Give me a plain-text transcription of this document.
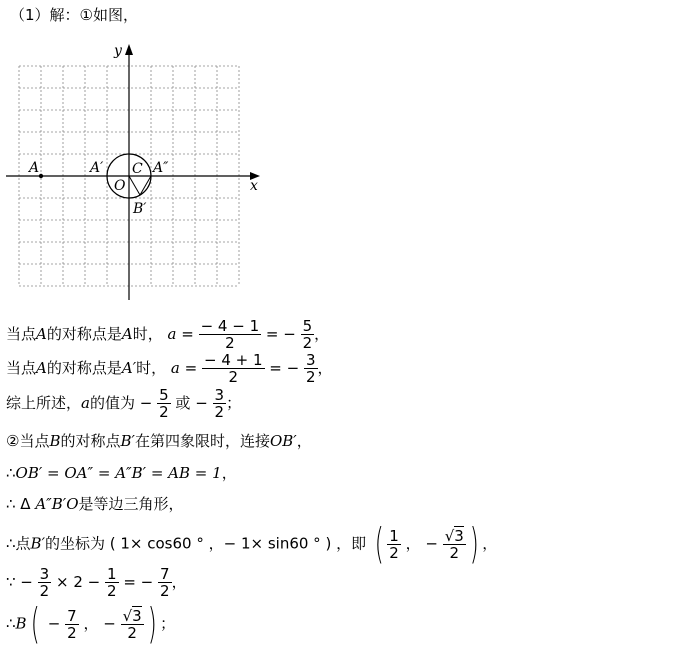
（1）解：①如图，
y
x
A	A′ C A″
O
B′
当点A的对称点是A时， $a = \frac{- 4 - 1}{2}$ = − $\frac{5}{2}$ ，
当点A的对称点是A′时， $a = \frac{- 4 + 1}{2}$ = − $\frac{3}{2}$ ，
综上所述，a的值为 − $\frac{5}{2}$ 或 − $\frac{3}{2}$ ；
②当点B的对称点B′在第四象限时，连接OB′，
∴OB′ = OA″ = A″B′ = AB = 1，
∴ Δ A″B′O是等边三角形，
∴点B′的坐标为 ( 1× cos60 ° ，− 1× sin60 ° ) ，即 ( $\frac{1}{2}$ ， − $\frac{√3}{2}$ ) ，
∵ − $\frac{3}{2} \times 2 - \frac{1}{2}$ = − $\frac{7}{2}$ ，
∴B( − $\frac{7}{2}$ ， − $\frac{√3}{2}$ ) ；
